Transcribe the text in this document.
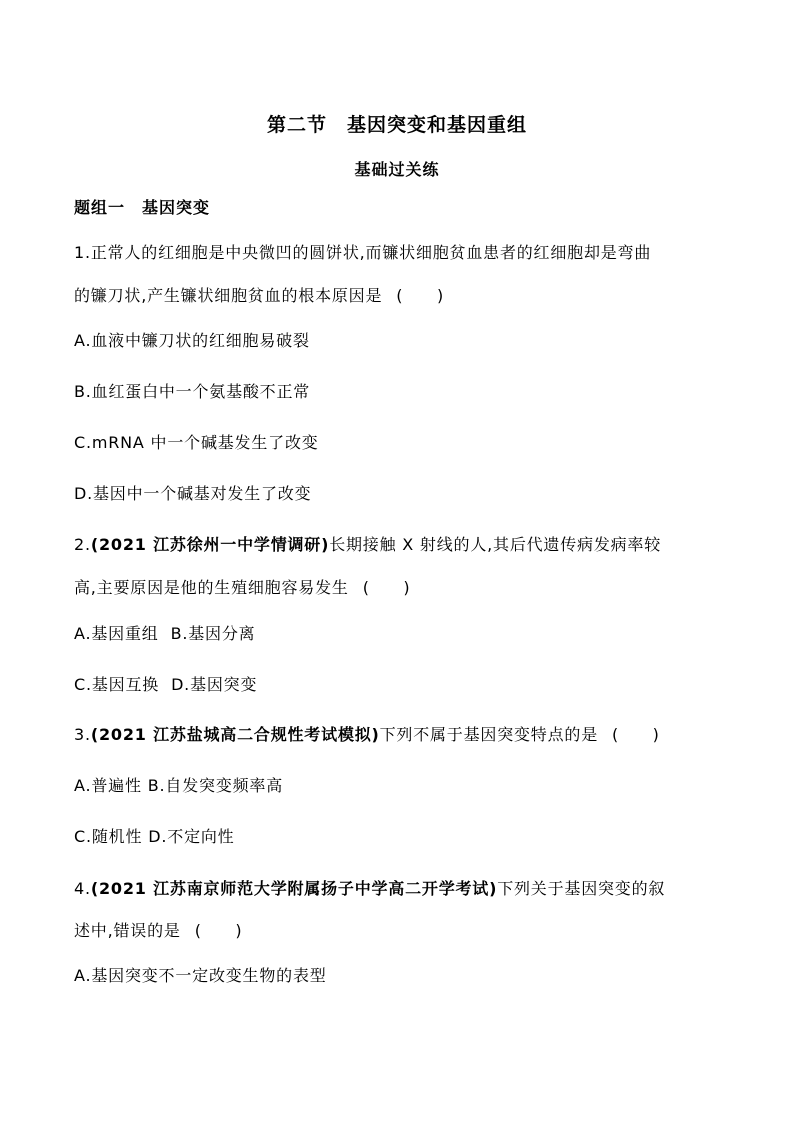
第二节　基因突变和基因重组
基础过关练
题组一　基因突变
1.正常人的红细胞是中央微凹的圆饼状,而镰状细胞贫血患者的红细胞却是弯曲
的镰刀状,产生镰状细胞贫血的根本原因是 (　　)
A.血液中镰刀状的红细胞易破裂
B.血红蛋白中一个氨基酸不正常
C.mRNA 中一个碱基发生了改变
D.基因中一个碱基对发生了改变
2.(2021 江苏徐州一中学情调研)长期接触 X 射线的人,其后代遗传病发病率较
高,主要原因是他的生殖细胞容易发生 (　　)
A.基因重组 B.基因分离
C.基因互换 D.基因突变
3.(2021 江苏盐城高二合规性考试模拟)下列不属于基因突变特点的是 (　　)
A.普遍性 B.自发突变频率高
C.随机性 D.不定向性
4.(2021 江苏南京师范大学附属扬子中学高二开学考试)下列关于基因突变的叙
述中,错误的是 (　　)
A.基因突变不一定改变生物的表型
